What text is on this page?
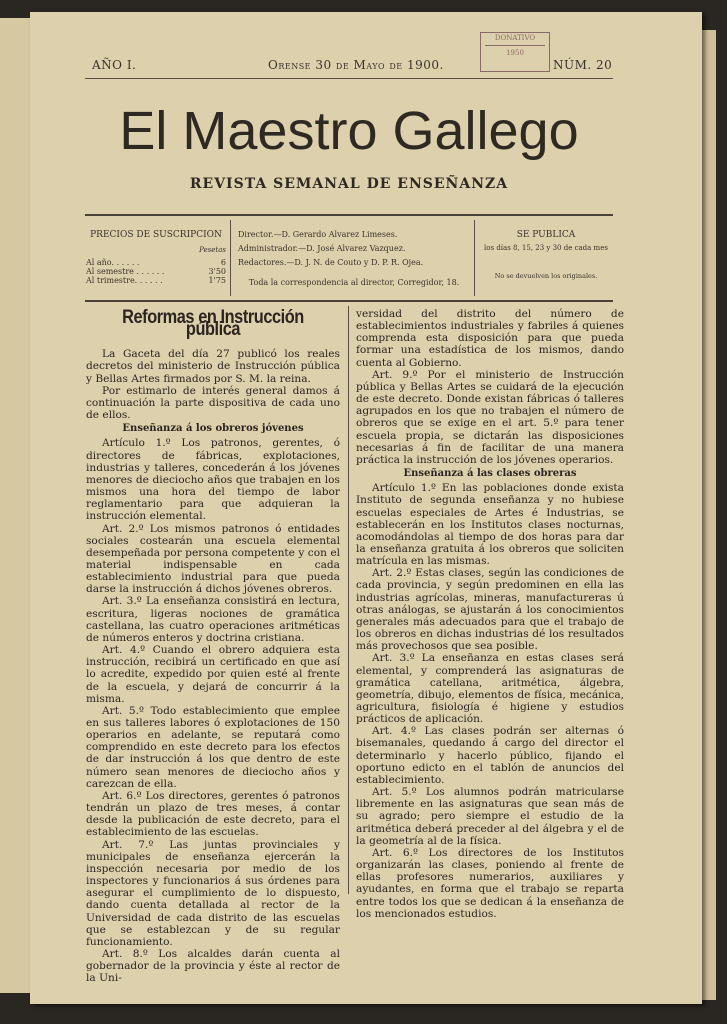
AÑO I.	Orense 30 de Mayo de 1900.	NÚM. 20
DONATIVO
1950
El Maestro Gallego
REVISTA SEMANAL DE ENSEÑANZA
PRECIOS DE SUSCRIPCION
Pesetas
Al año. . . . . .	6
Al semestre . . . . . .	3'50
Al trimestre. . . . . .	1'75
Director.—D. Gerardo Alvarez Limeses.
Administrador.—D. José Alvarez Vazquez.
Redactores.—D. J. N. de Couto y D. P. R. Ojea.
Toda la correspondencia al director, Corregidor, 18.
SE PUBLICA
los días 8, 15, 23 y 30 de cada mes
No se devuelven los originales.
Reformas en Instrucción pública

La Gaceta del día 27 publicó los reales decretos del ministerio de Instrucción pública y Bellas Artes firmados por S. M. la reina.

Por estimarlo de interés general damos á continuación la parte dispositiva de cada uno de ellos.

Enseñanza á los obreros jóvenes

Artículo 1.º Los patronos, gerentes, ó directores de fábricas, explotaciones, industrias y talleres, concederán á los jóvenes menores de dieciocho años que trabajen en los mismos una hora del tiempo de labor reglamentario para que adquieran la instrucción elemental.

Art. 2.º Los mismos patronos ó entidades sociales costearán una escuela elemental desempeñada por persona competente y con el material indispensable en cada establecimiento industrial para que pueda darse la instrucción á dichos jóvenes obreros.

Art. 3.º La enseñanza consistirá en lectura, escritura, ligeras nociones de gramática castellana, las cuatro operaciones aritméticas de números enteros y doctrina cristiana.

Art. 4.º Cuando el obrero adquiera esta instrucción, recibirá un certificado en que así lo acredite, expedido por quien esté al frente de la escuela, y dejará de concurrir á la misma.

Art. 5.º Todo establecimiento que emplee en sus talleres labores ó explotaciones de 150 operarios en adelante, se reputará como comprendido en este decreto para los efectos de dar instrucción á los que dentro de este número sean menores de dieciocho años y carezcan de ella.

Art. 6.º Los directores, gerentes ó patronos tendrán un plazo de tres meses, á contar desde la publicación de este decreto, para el establecimiento de las escuelas.

Art. 7.º Las juntas provinciales y municipales de enseñanza ejercerán la inspección necesaria por medio de los inspectores y funcionarios á sus órdenes para asegurar el cumplimiento de lo dispuesto, dando cuenta detallada al rector de la Universidad de cada distrito de las escuelas que se establezcan y de su regular funcionamiento.

Art. 8.º Los alcaldes darán cuenta al gobernador de la provincia y éste al rector de la Uni-

versidad del distrito del número de establecimientos industriales y fabriles á quienes comprenda esta disposición para que pueda formar una estadística de los mismos, dando cuenta al Gobierno.

Art. 9.º Por el ministerio de Instrucción pública y Bellas Artes se cuidará de la ejecución de este decreto. Donde existan fábricas ó talleres agrupados en los que no trabajen el número de obreros que se exige en el art. 5.º para tener escuela propia, se dictarán las disposiciones necesarias á fin de facilitar de una manera práctica la instrucción de los jóvenes operarios.

Enseñanza á las clases obreras

Artículo 1.º En las poblaciones donde exista Instituto de segunda enseñanza y no hubiese escuelas especiales de Artes é Industrias, se establecerán en los Institutos clases nocturnas, acomodándolas al tiempo de dos horas para dar la enseñanza gratuita á los obreros que soliciten matrícula en las mismas.

Art. 2.º Estas clases, según las condiciones de cada provincia, y según predominen en ella las industrias agrícolas, mineras, manufactureras ú otras análogas, se ajustarán á los conocimientos generales más adecuados para que el trabajo de los obreros en dichas industrias dé los resultados más provechosos que sea posible.

Art. 3.º La enseñanza en estas clases será elemental, y comprenderá las asignaturas de gramática catellana, aritmética, álgebra, geometría, dibujo, elementos de física, mecánica, agricultura, fisiología é higiene y estudios prácticos de aplicación.

Art. 4.º Las clases podrán ser alternas ó bisemanales, quedando á cargo del director el determinarlo y hacerlo público, fijando el oportuno edicto en el tablón de anuncios del establecimiento.

Art. 5.º Los alumnos podrán matricularse libremente en las asignaturas que sean más de su agrado; pero siempre el estudio de la aritmética deberá preceder al del álgebra y el de la geometría al de la física.

Art. 6.º Los directores de los Institutos organizarán las clases, poniendo al frente de ellas profesores numerarios, auxiliares y ayudantes, en forma que el trabajo se reparta entre todos los que se dedican á la enseñanza de los mencionados estudios.
